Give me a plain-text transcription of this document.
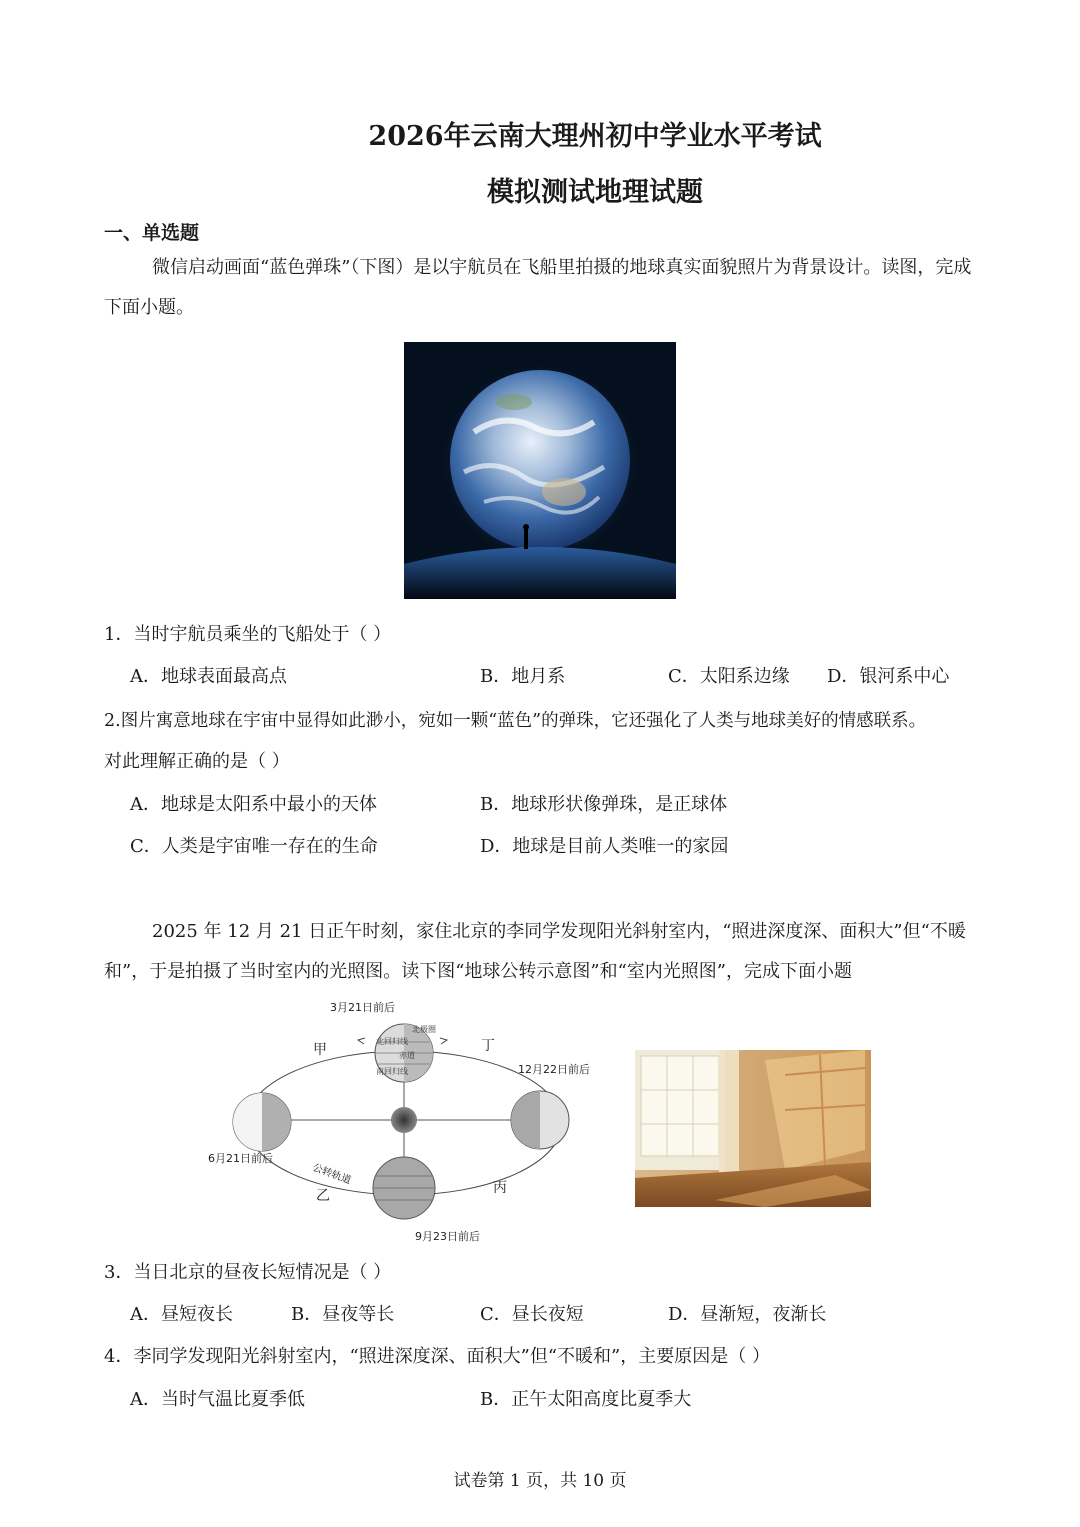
2026年云南大理州初中学业水平考试
模拟测试地理试题
一、单选题
微信启动画面“蓝色弹珠”（下图）是以宇航员在飞船里拍摄的地球真实面貌照片为背景设计。读图，完成下面小题。
1．当时宇航员乘坐的飞船处于（ ）
A．地球表面最高点	B．地月系	C．太阳系边缘 D．银河系中心
2.图片寓意地球在宇宙中显得如此渺小，宛如一颗“蓝色”的弹珠，它还强化了人类与地球美好的情感联系。
对此理解正确的是（ ）
A．地球是太阳系中最小的天体	B．地球形状像弹珠，是正球体
C．人类是宇宙唯一存在的生命	D．地球是目前人类唯一的家园
2025 年 12 月 21 日正午时刻，家住北京的李同学发现阳光斜射室内，“照进深度深、面积大”但“不暖和”，于是拍摄了当时室内的光照图。读下图“地球公转示意图”和“室内光照图”，完成下面小题
3月21日前后
12月22日前后
6月21日前后
9月23日前后
甲	丁
乙	丙
公转轨道
北极圈
北回归线
赤道
南回归线
3．当日北京的昼夜长短情况是（ ）
A．昼短夜长	B．昼夜等长	C．昼长夜短	D．昼渐短，夜渐长
4．李同学发现阳光斜射室内，“照进深度深、面积大”但“不暖和”，主要原因是（ ）
A．当时气温比夏季低	B．正午太阳高度比夏季大
试卷第 1 页，共 10 页
